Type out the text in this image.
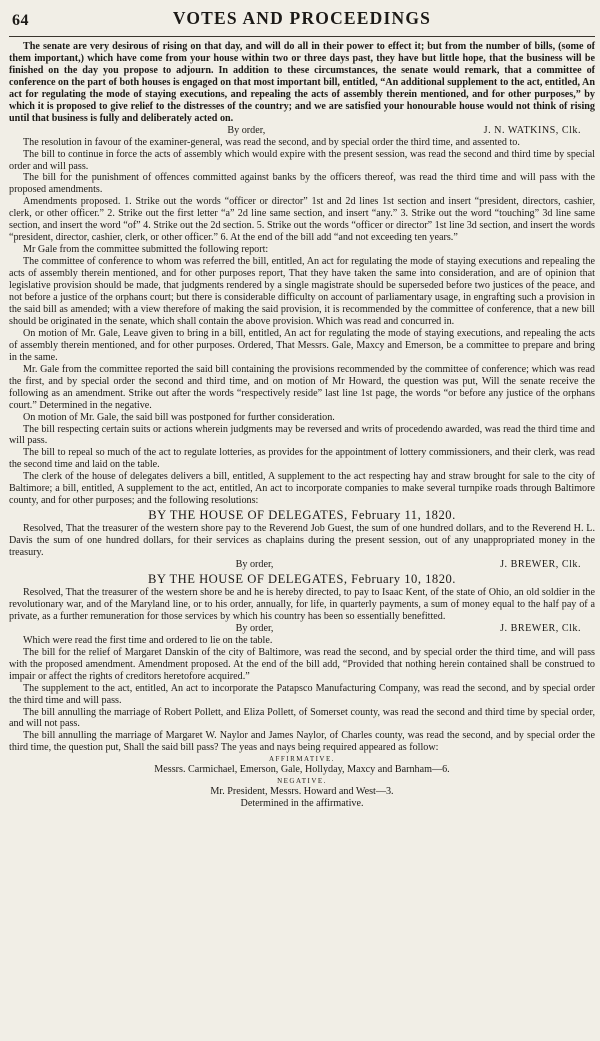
64	VOTES AND PROCEEDINGS

The senate are very desirous of rising on that day, and will do all in their power to effect it; but from the number of bills, (some of them important,) which have come from your house within two or three days past, they have but little hope, that the business will be finished on the day you propose to adjourn. In addition to these circumstances, the senate would remark, that a committee of conference on the part of both houses is engaged on that most important bill, entitled, “An additional supplement to the act, entitled, An act for regulating the mode of staying executions, and repealing the acts of assembly therein mentioned, and for other purposes,” by which it is proposed to give relief to the distresses of the country; and we are satisfied your honourable house would not think of rising until that business is fully and deliberately acted on.

By order,	J. N. WATKINS, Clk.

The resolution in favour of the examiner-general, was read the second, and by special order the third time, and assented to.

The bill to continue in force the acts of assembly which would expire with the present session, was read the second and third time by special order and will pass.

The bill for the punishment of offences committed against banks by the officers thereof, was read the third time and will pass with the proposed amendments.

Amendments proposed. 1. Strike out the words “officer or director” 1st and 2d lines 1st section and insert “president, directors, cashier, clerk, or other officer.” 2. Strike out the first letter “a” 2d line same section, and insert “any.” 3. Strike out the word “touching” 3d line same section, and insert the word “of” 4. Strike out the 2d section. 5. Strike out the words “officer or director” 1st line 3d section, and insert the words “president, director, cashier, clerk, or other officer.” 6. At the end of the bill add “and not exceeding ten years.”

Mr Gale from the committee submitted the following report:

The committee of conference to whom was referred the bill, entitled, An act for regulating the mode of staying executions and repealing the acts of assembly therein mentioned, and for other purposes report, That they have taken the same into consideration, and are of opinion that legislative provision should be made, that judgments rendered by a single magistrate should be superseded before two justices of the peace, and not before a justice of the orphans court; but there is considerable difficulty on account of parliamentary usage, in engrafting such a provision in the said bill as amended; with a view therefore of making the said provision, it is recommended by the committee of conference, that a new bill should be originated in the senate, which shall contain the above provision. Which was read and concurred in.

On motion of Mr. Gale, Leave given to bring in a bill, entitled, An act for regulating the mode of staying executions, and repealing the acts of assembly therein mentioned, and for other purposes. Ordered, That Messrs. Gale, Maxcy and Emerson, be a committee to prepare and bring in the same.

Mr. Gale from the committee reported the said bill containing the provisions recommended by the committee of conference; which was read the first, and by special order the second and third time, and on motion of Mr Howard, the question was put, Will the senate receive the following as an amendment. Strike out after the words “respectively reside” last line 1st page, the words “or before any justice of the orphans court.” Determined in the negative.

On motion of Mr. Gale, the said bill was postponed for further consideration.

The bill respecting certain suits or actions wherein judgments may be reversed and writs of procedendo awarded, was read the third time and will pass.

The bill to repeal so much of the act to regulate lotteries, as provides for the appointment of lottery commissioners, and their clerk, was read the second time and laid on the table.

The clerk of the house of delegates delivers a bill, entitled, A supplement to the act respecting hay and straw brought for sale to the city of Baltimore; a bill, entitled, A supplement to the act, entitled, An act to incorporate companies to make several turnpike roads through Baltimore county, and for other purposes; and the following resolutions:

BY THE HOUSE OF DELEGATES, February 11, 1820.

Resolved, That the treasurer of the western shore pay to the Reverend Job Guest, the sum of one hundred dollars, and to the Reverend H. L. Davis the sum of one hundred dollars, for their services as chaplains during the present session, out of any unappropriated money in the treasury.

By order,	J. BREWER, Clk.

BY THE HOUSE OF DELEGATES, February 10, 1820.

Resolved, That the treasurer of the western shore be and he is hereby directed, to pay to Isaac Kent, of the state of Ohio, an old soldier in the revolutionary war, and of the Maryland line, or to his order, annually, for life, in quarterly payments, a sum of money equal to the half pay of a private, as a further remuneration for those services by which his country has been so essentially benefitted.

By order,	J. BREWER, Clk.

Which were read the first time and ordered to lie on the table.

The bill for the relief of Margaret Danskin of the city of Baltimore, was read the second, and by special order the third time, and will pass with the proposed amendment. Amendment proposed. At the end of the bill add, “Provided that nothing herein contained shall be construed to impair or affect the rights of creditors heretofore acquired.”

The supplement to the act, entitled, An act to incorporate the Patapsco Manufacturing Company, was read the second, and by special order the third time and will pass.

The bill annulling the marriage of Robert Pollett, and Eliza Pollett, of Somerset county, was read the second and third time by special order, and will not pass.

The bill annulling the marriage of Margaret W. Naylor and James Naylor, of Charles county, was read the second, and by special order the third time, the question put, Shall the said bill pass? The yeas and nays being required appeared as follow:

AFFIRMATIVE.

Messrs. Carmichael, Emerson, Gale, Hollyday, Maxcy and Barnham—6.

NEGATIVE.

Mr. President, Messrs. Howard and West—3.

Determined in the affirmative.
